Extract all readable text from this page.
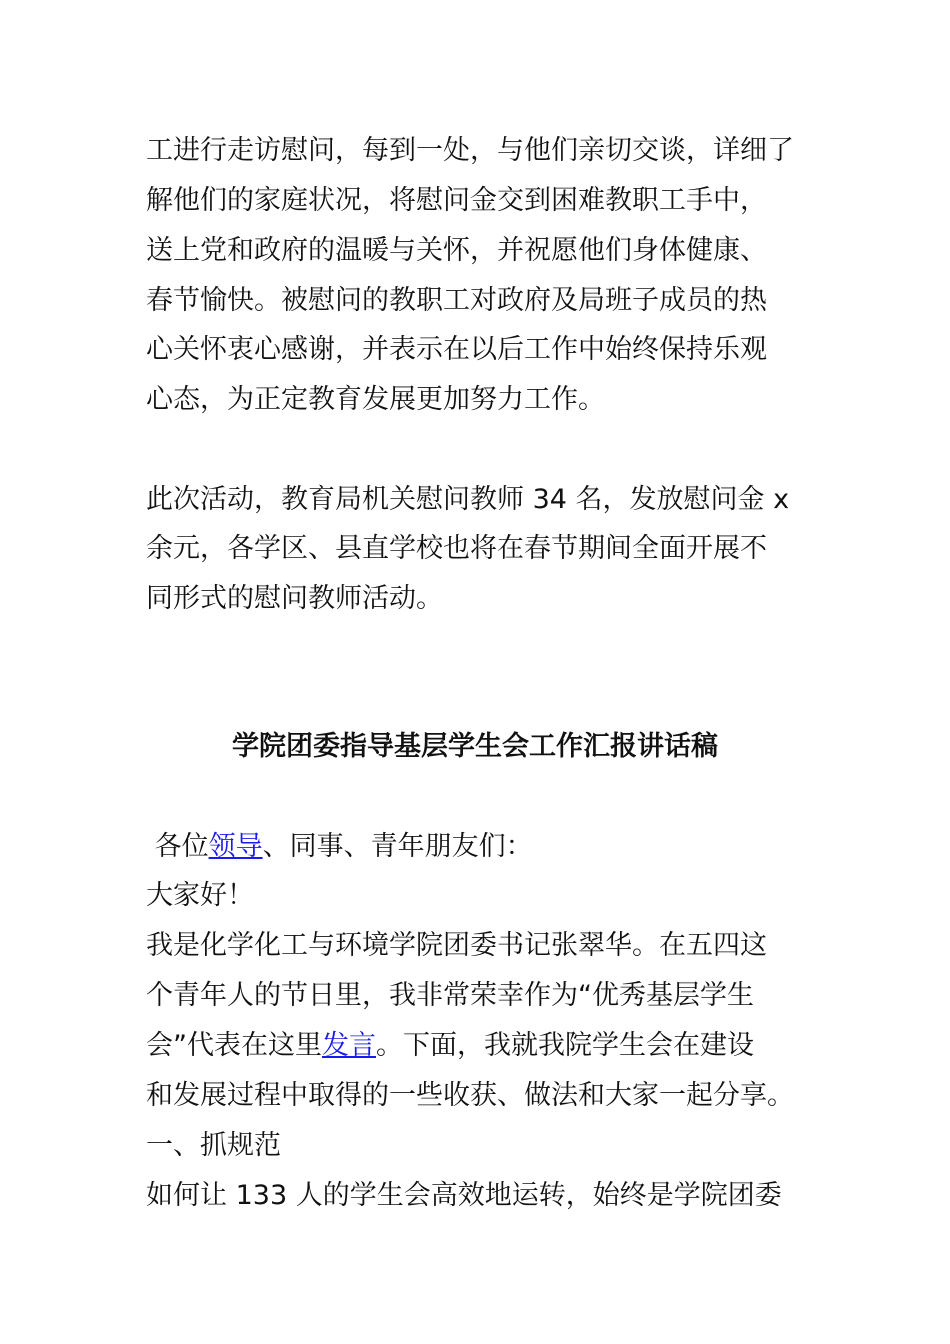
工进行走访慰问，每到一处，与他们亲切交谈，详细了
解他们的家庭状况，将慰问金交到困难教职工手中，
送上党和政府的温暖与关怀，并祝愿他们身体健康、
春节愉快。被慰问的教职工对政府及局班子成员的热
心关怀衷心感谢，并表示在以后工作中始终保持乐观
心态，为正定教育发展更加努力工作。
此次活动，教育局机关慰问教师 34 名，发放慰问金 x
余元，各学区、县直学校也将在春节期间全面开展不
同形式的慰问教师活动。
学院团委指导基层学生会工作汇报讲话稿
各位领导、同事、青年朋友们：
大家好！
我是化学化工与环境学院团委书记张翠华。在五四这
个青年人的节日里，我非常荣幸作为“优秀基层学生
会”代表在这里发言。下面，我就我院学生会在建设
和发展过程中取得的一些收获、做法和大家一起分享。
一、抓规范
如何让 133 人的学生会高效地运转，始终是学院团委
